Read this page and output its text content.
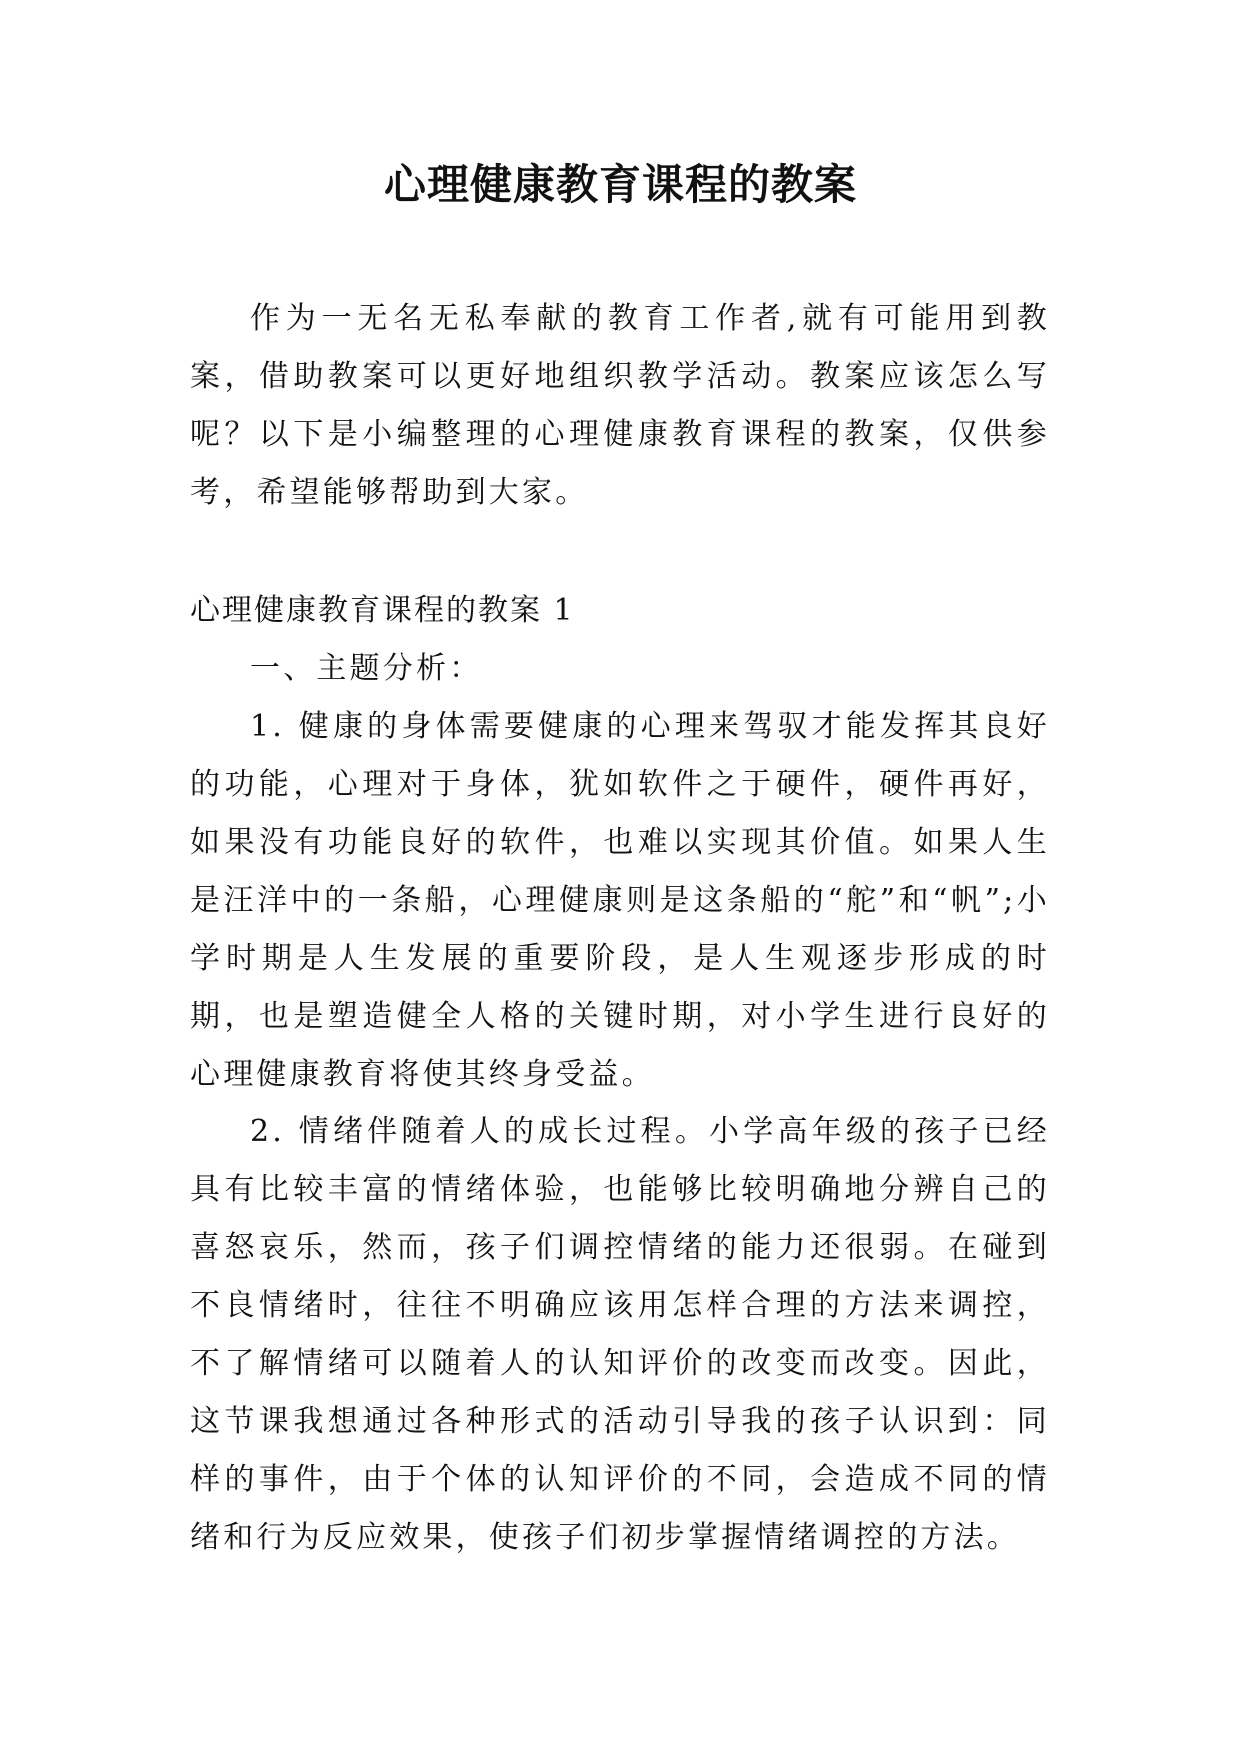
心理健康教育课程的教案

作为一无名无私奉献的教育工作者,就有可能用到教案，借助教案可以更好地组织教学活动。教案应该怎么写呢？以下是小编整理的心理健康教育课程的教案，仅供参考，希望能够帮助到大家。

心理健康教育课程的教案 1

一、主题分析：

1. 健康的身体需要健康的心理来驾驭才能发挥其良好的功能，心理对于身体，犹如软件之于硬件，硬件再好，如果没有功能良好的软件，也难以实现其价值。如果人生是汪洋中的一条船，心理健康则是这条船的“舵”和“帆”;小学时期是人生发展的重要阶段，是人生观逐步形成的时期，也是塑造健全人格的关键时期，对小学生进行良好的心理健康教育将使其终身受益。

2. 情绪伴随着人的成长过程。小学高年级的孩子已经具有比较丰富的情绪体验，也能够比较明确地分辨自己的喜怒哀乐，然而，孩子们调控情绪的能力还很弱。在碰到不良情绪时，往往不明确应该用怎样合理的方法来调控，不了解情绪可以随着人的认知评价的改变而改变。因此，这节课我想通过各种形式的活动引导我的孩子认识到：同样的事件，由于个体的认知评价的不同，会造成不同的情绪和行为反应效果，使孩子们初步掌握情绪调控的方法。
